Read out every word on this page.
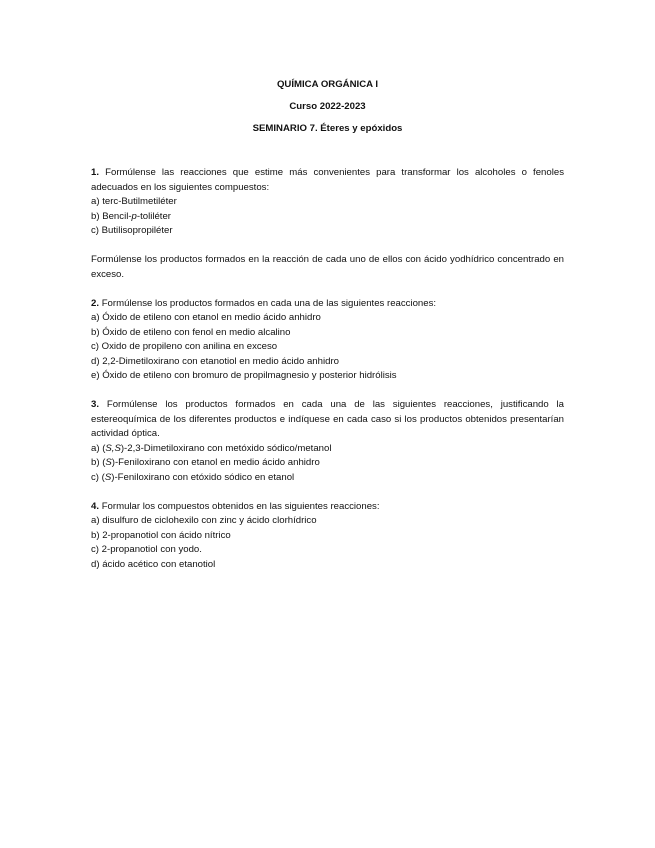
QUÍMICA ORGÁNICA I
Curso 2022-2023
SEMINARIO 7. Éteres y epóxidos

1. Formúlense las reacciones que estime más convenientes para transformar los alcoholes o fenoles adecuados en los siguientes compuestos:

a) terc-Butilmetiléter

b) Bencil-p-toliléter

c) Butilisopropiléter

Formúlense los productos formados en la reacción de cada uno de ellos con ácido yodhídrico concentrado en exceso.

2. Formúlense los productos formados en cada una de las siguientes reacciones:

a) Óxido de etileno con etanol en medio ácido anhidro

b) Óxido de etileno con fenol en medio alcalino

c) Oxido de propileno con anilina en exceso

d) 2,2-Dimetiloxirano con etanotiol en medio ácido anhidro

e) Óxido de etileno con bromuro de propilmagnesio y posterior hidrólisis

3. Formúlense los productos formados en cada una de las siguientes reacciones, justificando la estereoquímica de los diferentes productos e indíquese en cada caso si los productos obtenidos presentarían actividad óptica.

a) (S,S)-2,3-Dimetiloxirano con metóxido sódico/metanol

b) (S)-Feniloxirano con etanol en medio ácido anhidro

c) (S)-Feniloxirano con etóxido sódico en etanol

4. Formular los compuestos obtenidos en las siguientes reacciones:

a) disulfuro de ciclohexilo con zinc y ácido clorhídrico

b) 2-propanotiol con ácido nítrico

c) 2-propanotiol con yodo.

d) ácido acético con etanotiol
